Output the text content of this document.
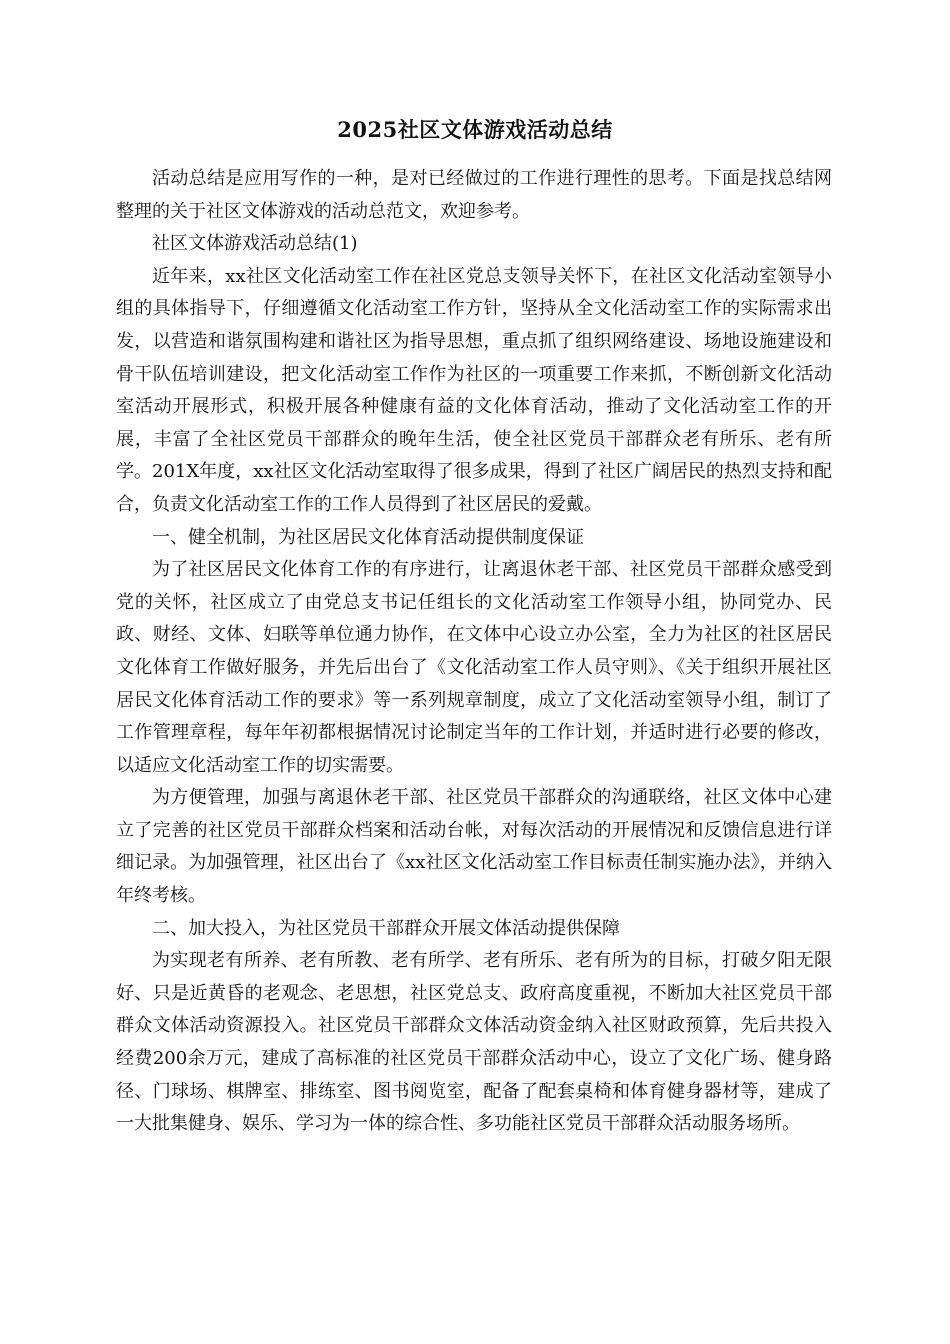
2025社区文体游戏活动总结

活动总结是应用写作的一种，是对已经做过的工作进行理性的思考。下面是找总结网整理的关于社区文体游戏的活动总范文，欢迎参考。

社区文体游戏活动总结(1)

近年来，xx社区文化活动室工作在社区党总支领导关怀下，在社区文化活动室领导小组的具体指导下，仔细遵循文化活动室工作方针，坚持从全文化活动室工作的实际需求出发，以营造和谐氛围构建和谐社区为指导思想，重点抓了组织网络建设、场地设施建设和骨干队伍培训建设，把文化活动室工作作为社区的一项重要工作来抓，不断创新文化活动室活动开展形式，积极开展各种健康有益的文化体育活动，推动了文化活动室工作的开展，丰富了全社区党员干部群众的晚年生活，使全社区党员干部群众老有所乐、老有所学。201X年度，xx社区文化活动室取得了很多成果，得到了社区广阔居民的热烈支持和配合，负责文化活动室工作的工作人员得到了社区居民的爱戴。

一、健全机制，为社区居民文化体育活动提供制度保证

为了社区居民文化体育工作的有序进行，让离退休老干部、社区党员干部群众感受到党的关怀，社区成立了由党总支书记任组长的文化活动室工作领导小组，协同党办、民政、财经、文体、妇联等单位通力协作，在文体中心设立办公室，全力为社区的社区居民文化体育工作做好服务，并先后出台了《文化活动室工作人员守则》、《关于组织开展社区居民文化体育活动工作的要求》等一系列规章制度，成立了文化活动室领导小组，制订了工作管理章程，每年年初都根据情况讨论制定当年的工作计划，并适时进行必要的修改，以适应文化活动室工作的切实需要。

为方便管理，加强与离退休老干部、社区党员干部群众的沟通联络，社区文体中心建立了完善的社区党员干部群众档案和活动台帐，对每次活动的开展情况和反馈信息进行详细记录。为加强管理，社区出台了《xx社区文化活动室工作目标责任制实施办法》，并纳入年终考核。

二、加大投入，为社区党员干部群众开展文体活动提供保障

为实现老有所养、老有所教、老有所学、老有所乐、老有所为的目标，打破夕阳无限好、只是近黄昏的老观念、老思想，社区党总支、政府高度重视，不断加大社区党员干部群众文体活动资源投入。社区党员干部群众文体活动资金纳入社区财政预算，先后共投入经费200余万元，建成了高标准的社区党员干部群众活动中心，设立了文化广场、健身路径、门球场、棋牌室、排练室、图书阅览室，配备了配套桌椅和体育健身器材等，建成了一大批集健身、娱乐、学习为一体的综合性、多功能社区党员干部群众活动服务场所。
